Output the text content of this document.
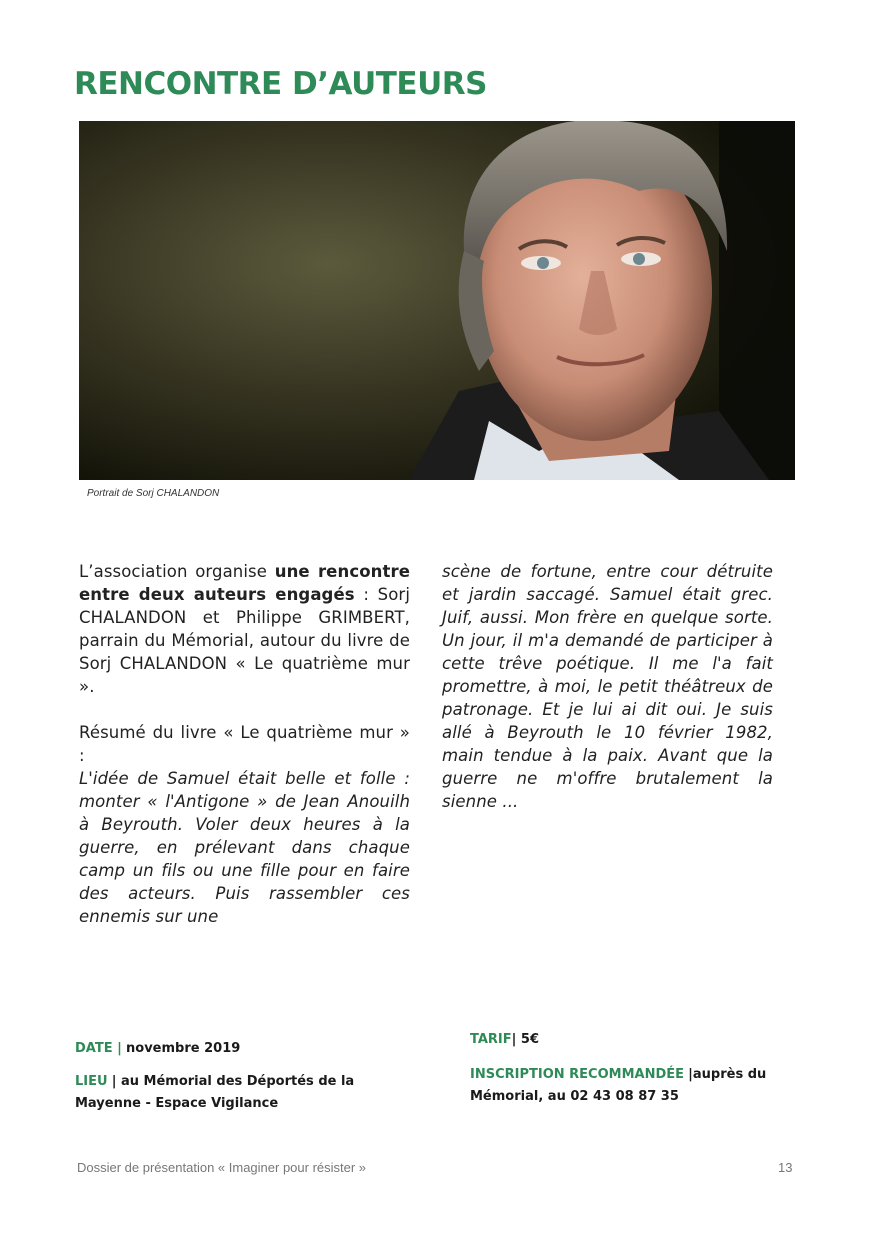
RENCONTRE D’AUTEURS
Portrait de Sorj CHALANDON

L’association organise une rencontre entre deux auteurs engagés : Sorj CHALANDON et Philippe GRIMBERT, parrain du Mémorial, autour du livre de Sorj CHALANDON « Le quatrième mur ».

Résumé du livre « Le quatrième mur » :

L'idée de Samuel était belle et folle : monter « l'Antigone » de Jean Anouilh à Beyrouth. Voler deux heures à la guerre, en prélevant dans chaque camp un fils ou une fille pour en faire des acteurs. Puis rassembler ces ennemis sur une

scène de fortune, entre cour détruite et jardin saccagé. Samuel était grec. Juif, aussi. Mon frère en quelque sorte. Un jour, il m'a demandé de participer à cette trêve poétique. Il me l'a fait promettre, à moi, le petit théâtreux de patronage. Et je lui ai dit oui. Je suis allé à Beyrouth le 10 février 1982, main tendue à la paix. Avant que la guerre ne m'offre brutalement la sienne ...

DATE | novembre 2019
LIEU | au Mémorial des Déportés de la Mayenne - Espace Vigilance
TARIF| 5€
INSCRIPTION RECOMMANDÉE |auprès du Mémorial, au 02 43 08 87 35
Dossier de présentation « Imaginer pour résister »	13
